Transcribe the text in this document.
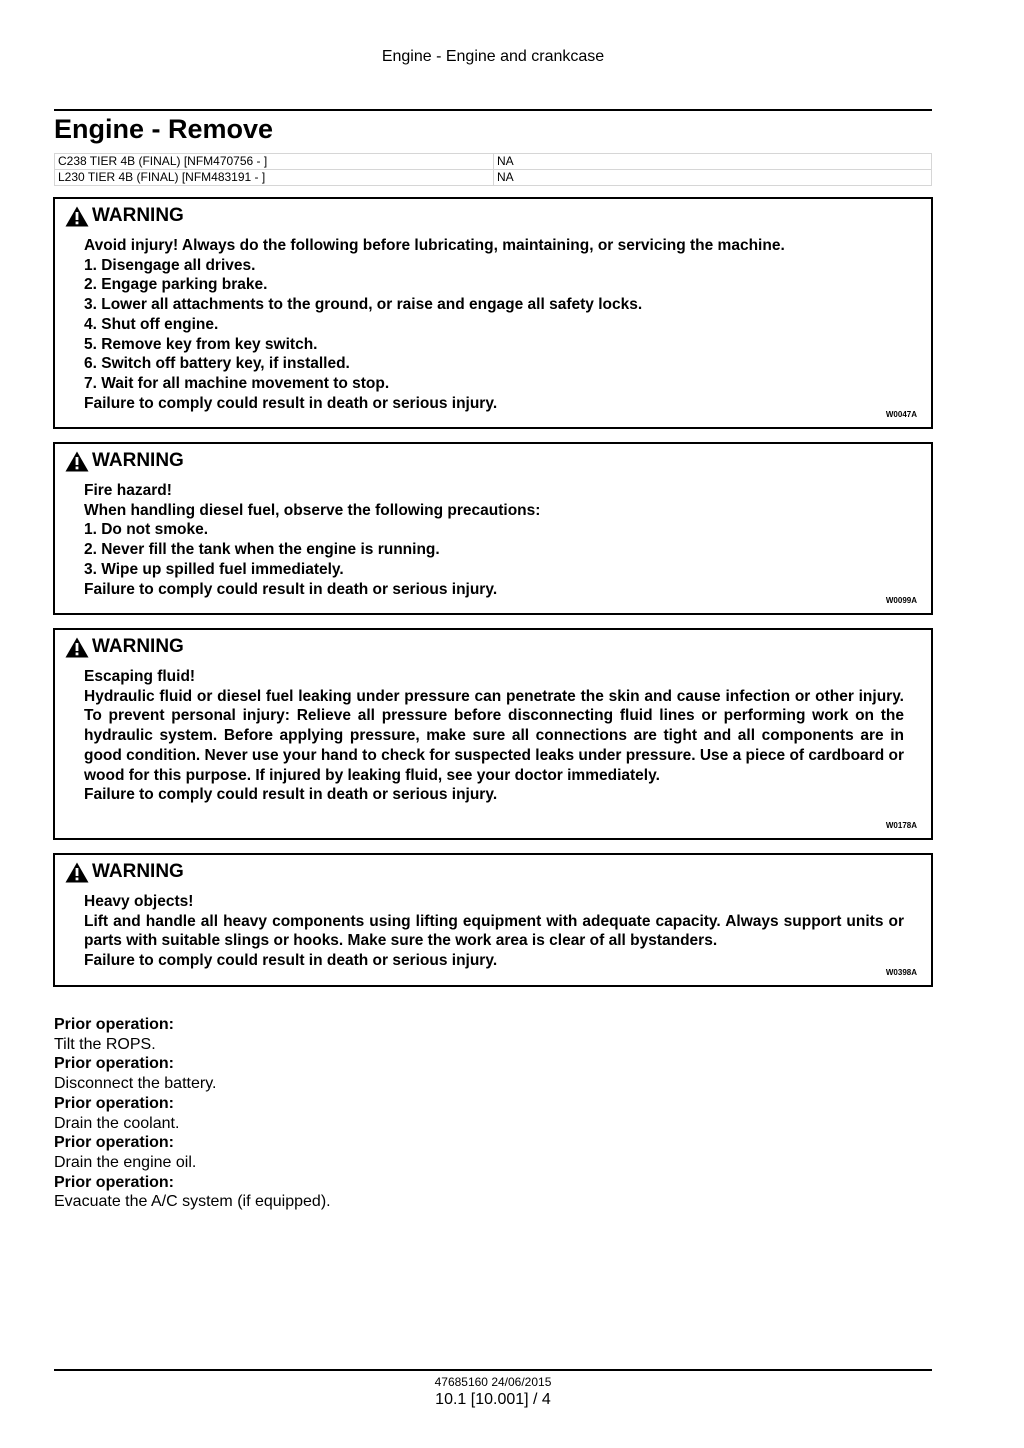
Engine - Engine and crankcase
Engine - Remove
C238 TIER 4B (FINAL) [NFM470756 - ]	NA
L230 TIER 4B (FINAL) [NFM483191 - ]	NA
WARNING
Avoid injury! Always do the following before lubricating, maintaining, or servicing the machine.
1. Disengage all drives.
2. Engage parking brake.
3. Lower all attachments to the ground, or raise and engage all safety locks.
4. Shut off engine.
5. Remove key from key switch.
6. Switch off battery key, if installed.
7. Wait for all machine movement to stop.
Failure to comply could result in death or serious injury.
W0047A
WARNING
Fire hazard!
When handling diesel fuel, observe the following precautions:
1. Do not smoke.
2. Never fill the tank when the engine is running.
3. Wipe up spilled fuel immediately.
Failure to comply could result in death or serious injury.
W0099A
WARNING
Escaping fluid!
Hydraulic fluid or diesel fuel leaking under pressure can penetrate the skin and cause infection or other injury. To prevent personal injury: Relieve all pressure before disconnecting fluid lines or performing work on the hydraulic system. Before applying pressure, make sure all connections are tight and all components are in good condition. Never use your hand to check for suspected leaks under pressure. Use a piece of cardboard or wood for this purpose. If injured by leaking fluid, see your doctor immediately.
Failure to comply could result in death or serious injury.
W0178A
WARNING
Heavy objects!
Lift and handle all heavy components using lifting equipment with adequate capacity. Always support units or parts with suitable slings or hooks. Make sure the work area is clear of all bystanders.
Failure to comply could result in death or serious injury.
W0398A
Prior operation:
Tilt the ROPS.
Prior operation:
Disconnect the battery.
Prior operation:
Drain the coolant.
Prior operation:
Drain the engine oil.
Prior operation:
Evacuate the A/C system (if equipped).
47685160 24/06/2015
10.1 [10.001] / 4
